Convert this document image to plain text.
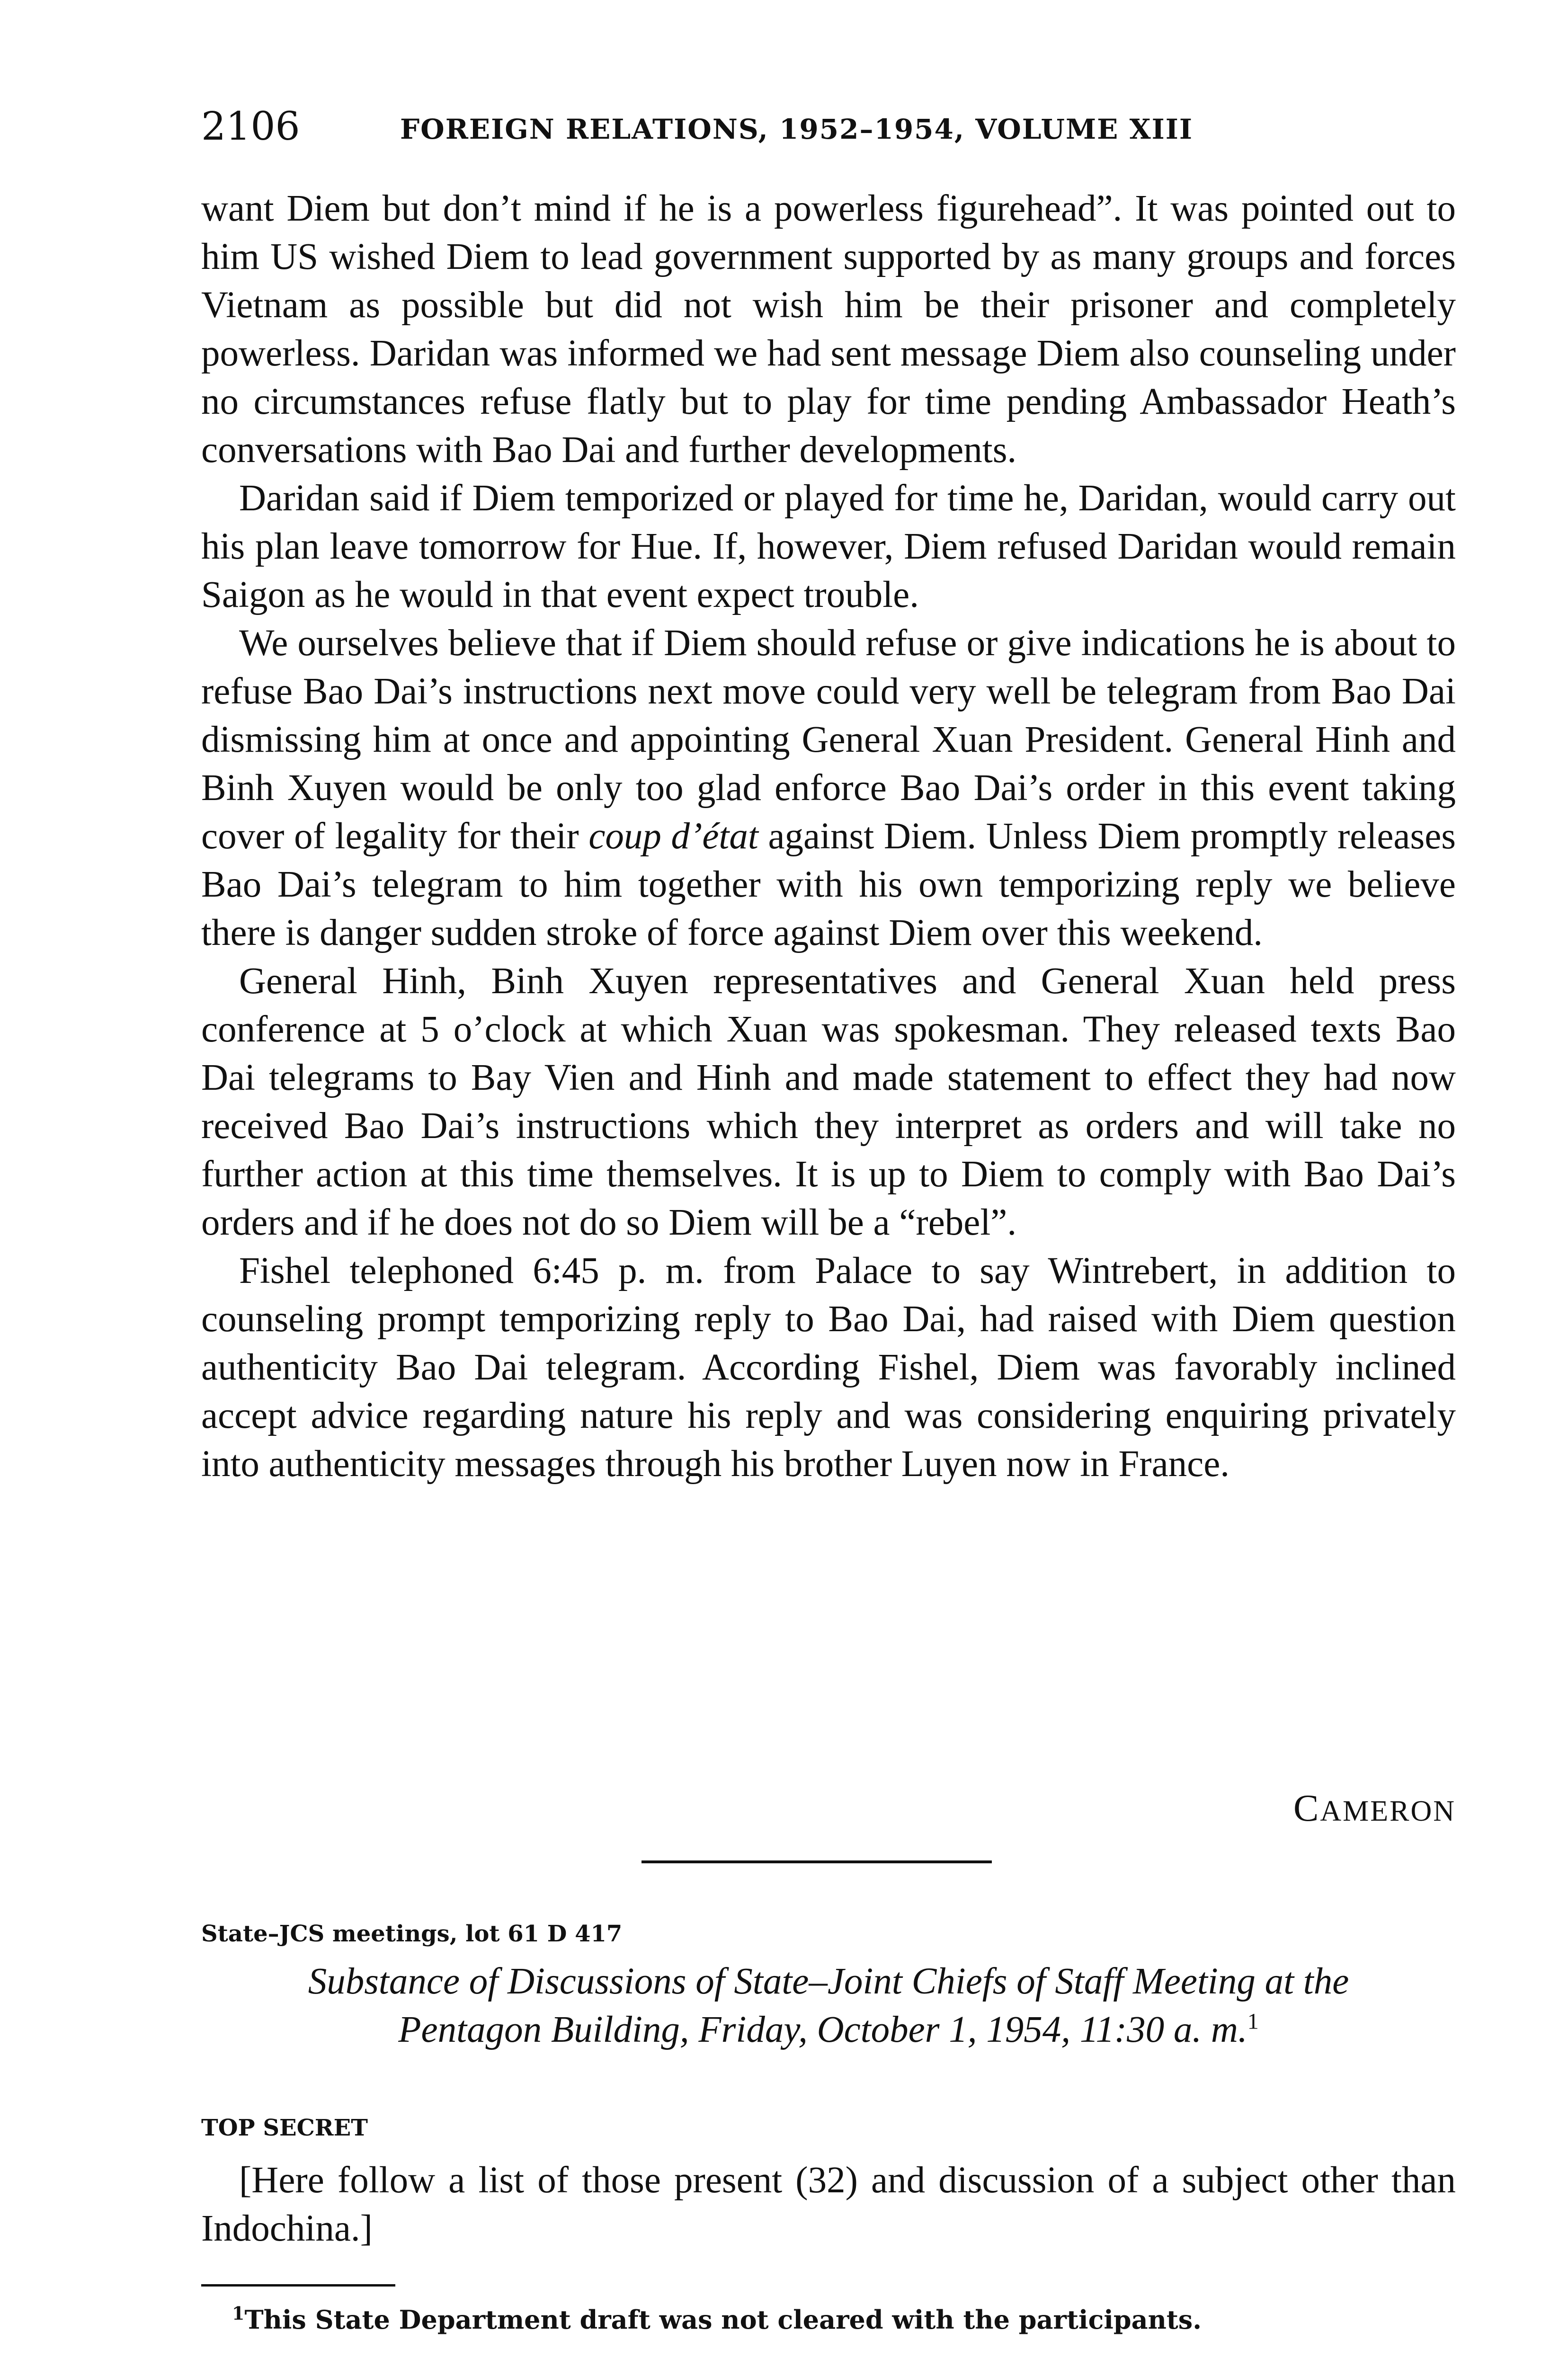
2106	FOREIGN RELATIONS, 1952–1954, VOLUME XIII

want Diem but don’t mind if he is a powerless figurehead”. It was pointed out to him US wished Diem to lead government supported by as many groups and forces Vietnam as possible but did not wish him be their prisoner and completely powerless. Daridan was informed we had sent message Diem also counseling under no circumstances refuse flatly but to play for time pending Ambassador Heath’s conversations with Bao Dai and further developments.

Daridan said if Diem temporized or played for time he, Daridan, would carry out his plan leave tomorrow for Hue. If, however, Diem refused Daridan would remain Saigon as he would in that event expect trouble.

We ourselves believe that if Diem should refuse or give indications he is about to refuse Bao Dai’s instructions next move could very well be telegram from Bao Dai dismissing him at once and appointing General Xuan President. General Hinh and Binh Xuyen would be only too glad enforce Bao Dai’s order in this event taking cover of legality for their coup d’état against Diem. Unless Diem promptly releases Bao Dai’s telegram to him together with his own temporizing reply we believe there is danger sudden stroke of force against Diem over this weekend.

General Hinh, Binh Xuyen representatives and General Xuan held press conference at 5 o’clock at which Xuan was spokesman. They released texts Bao Dai telegrams to Bay Vien and Hinh and made statement to effect they had now received Bao Dai’s instructions which they interpret as orders and will take no further action at this time themselves. It is up to Diem to comply with Bao Dai’s orders and if he does not do so Diem will be a “rebel”.

Fishel telephoned 6:45 p. m. from Palace to say Wintrebert, in addition to counseling prompt temporizing reply to Bao Dai, had raised with Diem question authenticity Bao Dai telegram. According Fishel, Diem was favorably inclined accept advice regarding nature his reply and was considering enquiring privately into authenticity messages through his brother Luyen now in France.

CAMERON
State–JCS meetings, lot 61 D 417
Substance of Discussions of State–Joint Chiefs of Staff Meeting at the
Pentagon Building, Friday, October 1, 1954, 11:30 a. m.$^1$
TOP SECRET

[Here follow a list of those present (32) and discussion of a subject other than Indochina.]

$^1$This State Department draft was not cleared with the participants.
